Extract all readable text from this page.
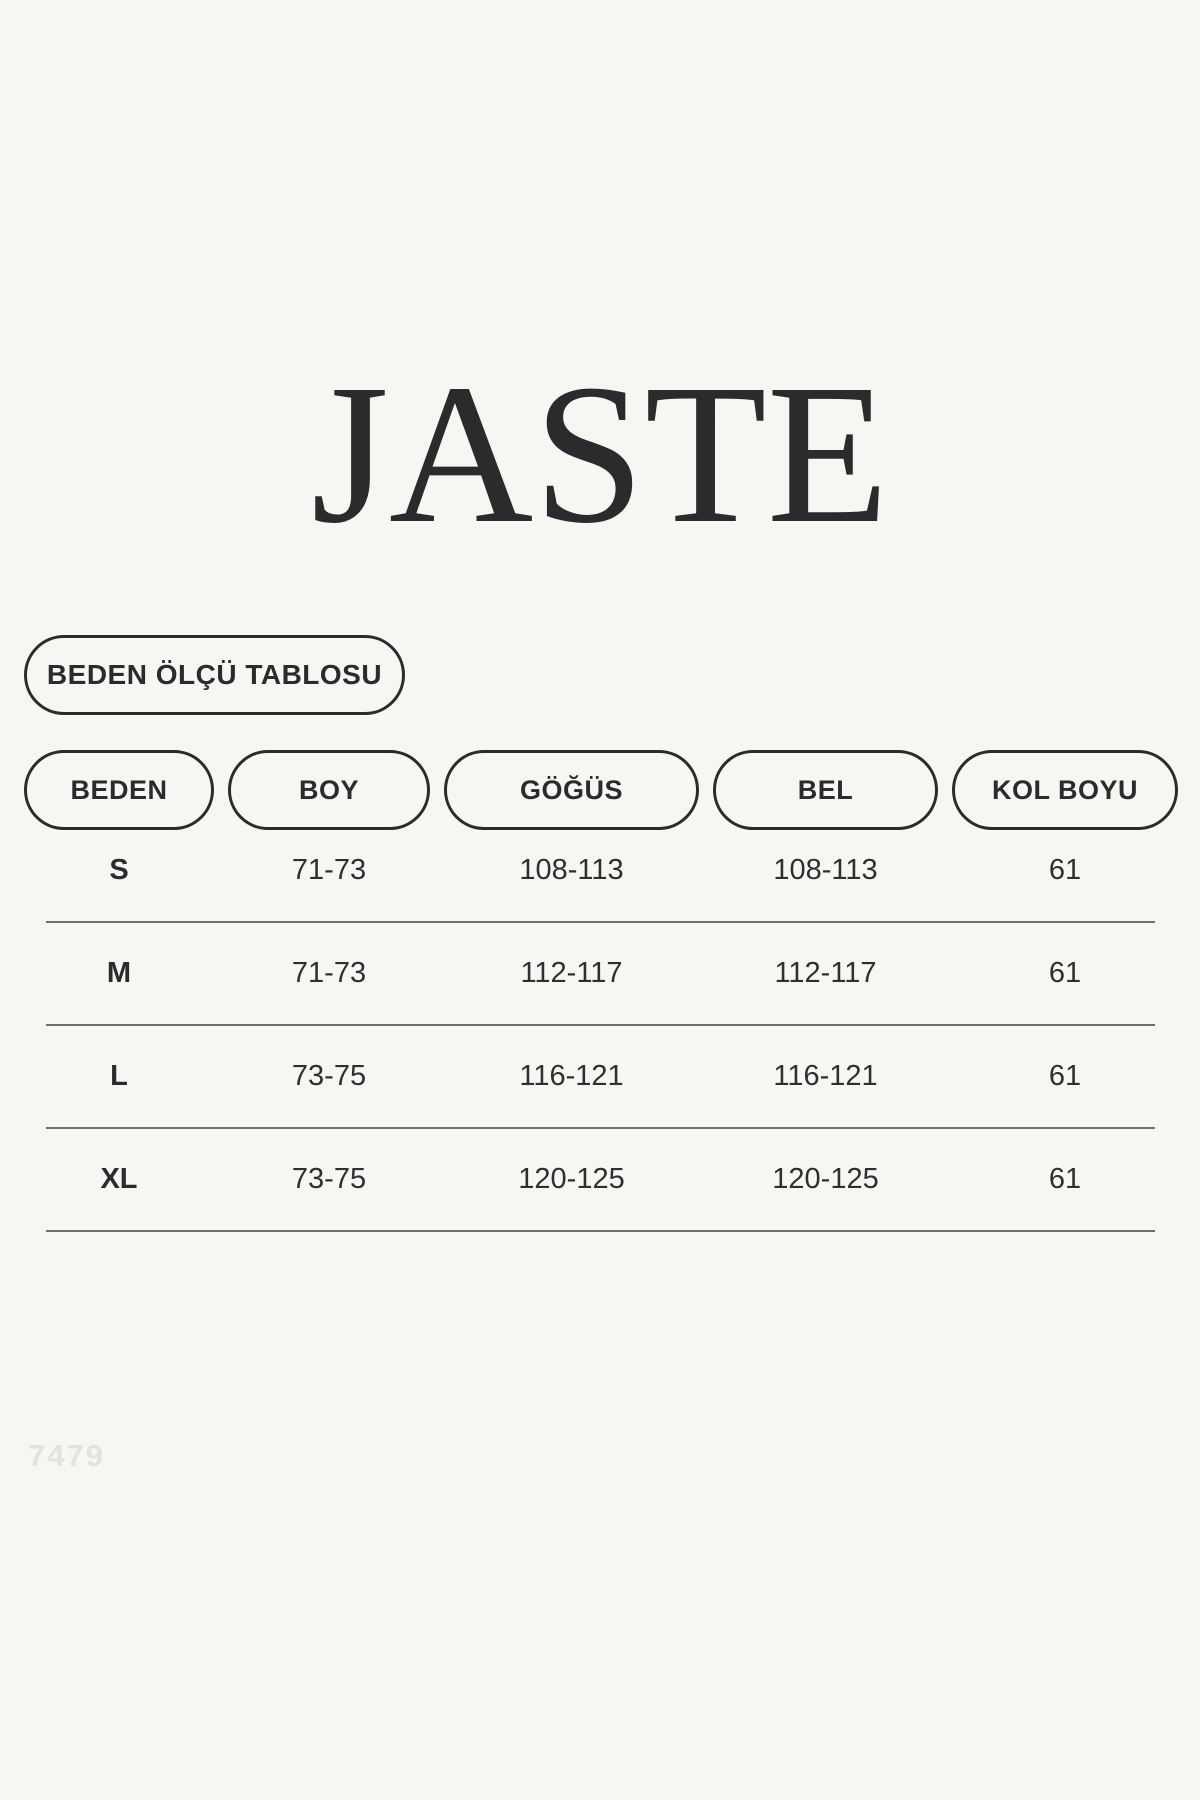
JASTE
BEDEN ÖLÇÜ TABLOSU
BEDEN	BOY	GÖĞÜS	BEL	KOL BOYU
S	71-73	108-113	108-113	61
M	71-73	112-117	112-117	61
L	73-75	116-121	116-121	61
XL	73-75	120-125	120-125	61
7479
